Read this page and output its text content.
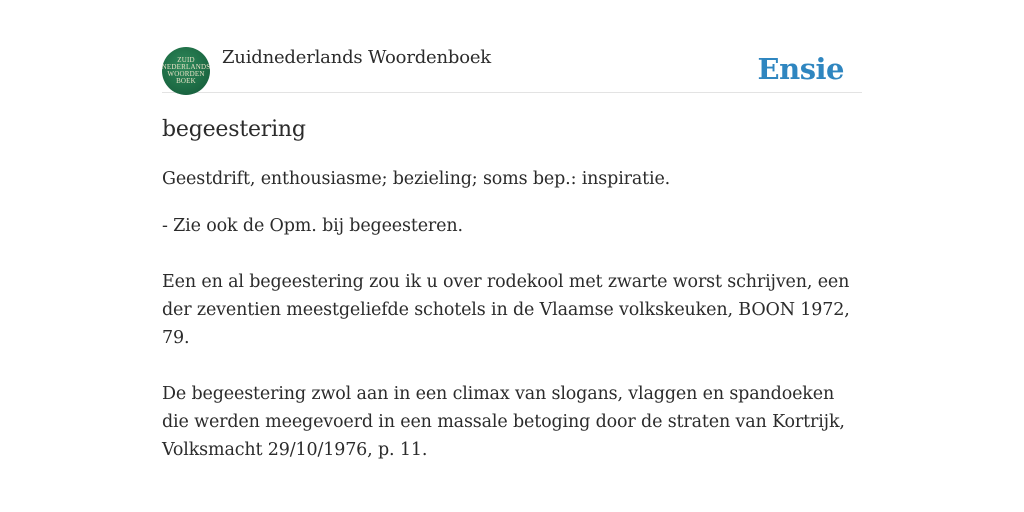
ZUID
NEDERLANDS
WOORDEN
BOEK
Zuidnederlands Woordenboek	Ensie
begeestering

Geestdrift, enthousiasme; bezieling; soms bep.: inspiratie.

- Zie ook de Opm. bij begeesteren.

Een en al begeestering zou ik u over rodekool met zwarte worst schrijven, een der zeventien meestgeliefde schotels in de Vlaamse volkskeuken, BOON 1972, 79.

De begeestering zwol aan in een climax van slogans, vlaggen en spandoeken die werden meegevoerd in een massale betoging door de straten van Kortrijk, Volksmacht 29/10/1976, p. 11.
